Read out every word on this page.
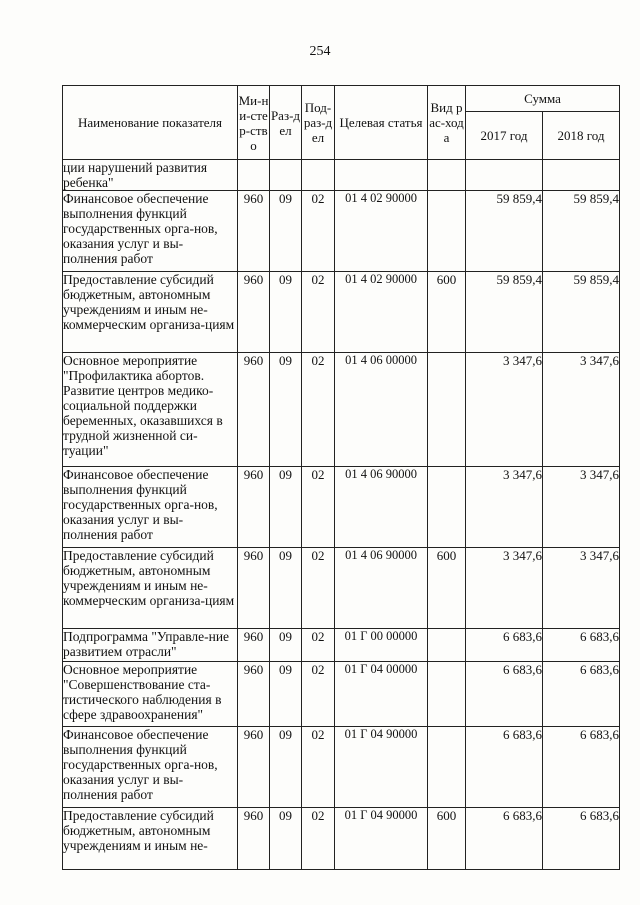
254
Наименование показателя	Ми-ни-стер-ство	Раз-дел	Под-раз-дел	Целевая статья	Вид рас-хода	Сумма	
						2017 год	2018 год
ции нарушений развития ребенка"							
Финансовое обеспечение выполнения функций государственных орга-нов, оказания услуг и вы-полнения работ	960	09	02	01 4 02 90000		59 859,4	59 859,4
Предоставление субсидий бюджетным, автономным учреждениям и иным не-коммерческим организа-циям	960	09	02	01 4 02 90000	600	59 859,4	59 859,4
Основное мероприятие "Профилактика абортов. Развитие центров медико-социальной поддержки беременных, оказавшихся в трудной жизненной си-туации"	960	09	02	01 4 06 00000		3 347,6	3 347,6
Финансовое обеспечение выполнения функций государственных орга-нов, оказания услуг и вы-полнения работ	960	09	02	01 4 06 90000		3 347,6	3 347,6
Предоставление субсидий бюджетным, автономным учреждениям и иным не-коммерческим организа-циям	960	09	02	01 4 06 90000	600	3 347,6	3 347,6
Подпрограмма "Управле-ние развитием отрасли"	960	09	02	01 Г 00 00000		6 683,6	6 683,6
Основное мероприятие "Совершенствование ста-тистического наблюдения в сфере здравоохранения"	960	09	02	01 Г 04 00000		6 683,6	6 683,6
Финансовое обеспечение выполнения функций государственных орга-нов, оказания услуг и вы-полнения работ	960	09	02	01 Г 04 90000		6 683,6	6 683,6
Предоставление субсидий бюджетным, автономным учреждениям и иным не-	960	09	02	01 Г 04 90000	600	6 683,6	6 683,6
